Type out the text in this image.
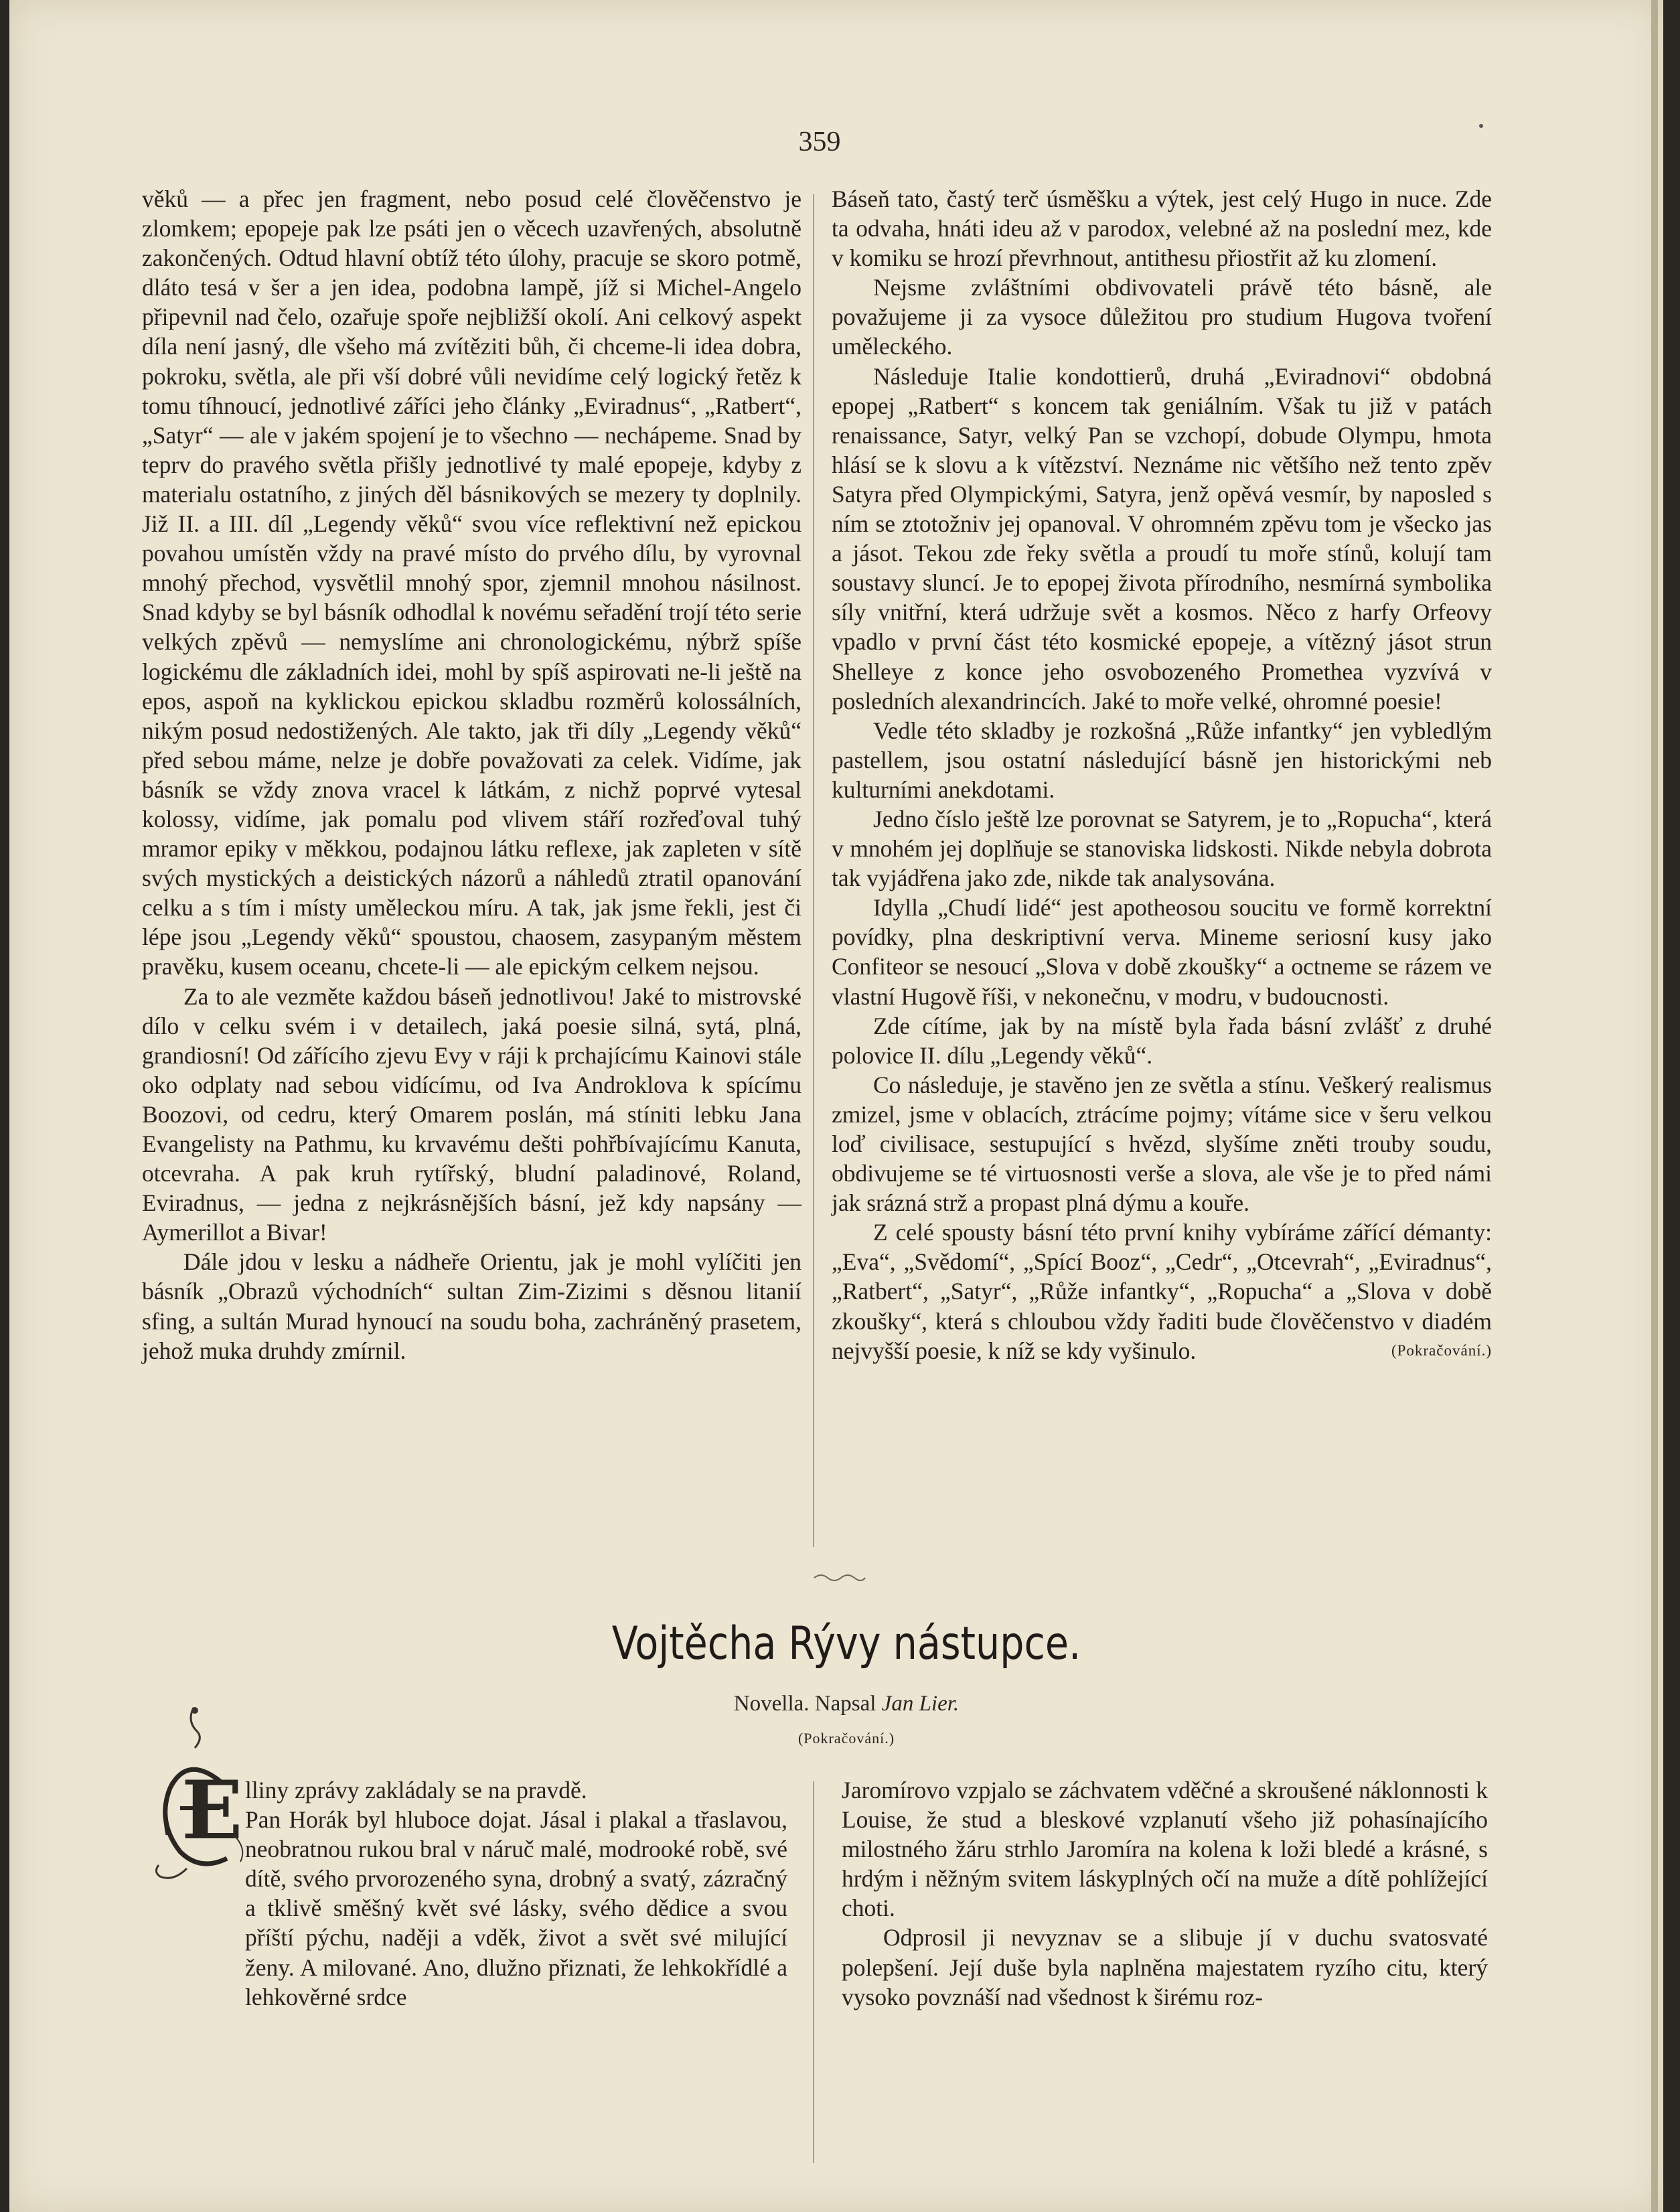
359

věků — a přec jen fragment, nebo posud celé člověčenstvo je zlomkem; epopeje pak lze psáti jen o věcech uzavřených, absolutně zakončených. Odtud hlavní obtíž této úlohy, pracuje se skoro potmě, dláto tesá v šer a jen idea, podobna lampě, jíž si Michel-Angelo připevnil nad čelo, ozařuje spoře nejbližší okolí. Ani celkový aspekt díla není jasný, dle všeho má zvítěziti bůh, či chceme-li idea dobra, pokroku, světla, ale při vší dobré vůli nevidíme celý logický řetěz k tomu tíhnoucí, jednotlivé záříci jeho články „Eviradnus“, „Ratbert“, „Satyr“ — ale v jakém spojení je to všechno — nechápeme. Snad by teprv do pravého světla přišly jednotlivé ty malé epopeje, kdyby z materialu ostatního, z jiných děl básnikových se mezery ty doplnily. Již II. a III. díl „Legendy věků“ svou více reflektivní než epickou povahou umístěn vždy na pravé místo do prvého dílu, by vyrovnal mnohý přechod, vysvětlil mnohý spor, zjemnil mnohou násilnost. Snad kdyby se byl básník odhodlal k novému seřadění trojí této serie velkých zpěvů — nemyslíme ani chronologickému, nýbrž spíše logickému dle základních idei, mohl by spíš aspirovati ne-li ještě na epos, aspoň na kyklickou epickou skladbu rozměrů kolossálních, nikým posud nedostižených. Ale takto, jak tři díly „Legendy věků“ před sebou máme, nelze je dobře považovati za celek. Vidíme, jak básník se vždy znova vracel k látkám, z nichž poprvé vytesal kolossy, vidíme, jak pomalu pod vlivem stáří rozřeďoval tuhý mramor epiky v měkkou, podajnou látku reflexe, jak zapleten v sítě svých mystických a deistických názorů a náhledů ztratil opanování celku a s tím i místy uměleckou míru. A tak, jak jsme řekli, jest či lépe jsou „Legendy věků“ spoustou, chaosem, zasypaným městem pravěku, kusem oceanu, chcete-li — ale epickým celkem nejsou.

Za to ale vezměte každou báseň jednotlivou! Jaké to mistrovské dílo v celku svém i v detailech, jaká poesie silná, sytá, plná, grandiosní! Od zářícího zjevu Evy v ráji k prchajícímu Kainovi stále oko odplaty nad sebou vidícímu, od Iva Androklova k spícímu Boozovi, od cedru, který Omarem poslán, má stíniti lebku Jana Evangelisty na Pathmu, ku krvavému dešti pohřbívajícímu Kanuta, otcevraha. A pak kruh rytířský, bludní paladinové, Roland, Eviradnus, — jedna z nejkrásnějších básní, jež kdy napsány — Aymerillot a Bivar!

Dále jdou v lesku a nádheře Orientu, jak je mohl vylíčiti jen básník „Obrazů východních“ sultan Zim-Zizimi s děsnou litanií sfing, a sultán Murad hynoucí na soudu boha, zachráněný prasetem, jehož muka druhdy zmírnil.

Báseň tato, častý terč úsměšku a výtek, jest celý Hugo in nuce. Zde ta odvaha, hnáti ideu až v parodox, velebné až na poslední mez, kde v komiku se hrozí převrhnout, antithesu přiostřit až ku zlomení.

Nejsme zvláštními obdivovateli právě této básně, ale považujeme ji za vysoce důležitou pro studium Hugova tvoření uměleckého.

Následuje Italie kondottierů, druhá „Eviradnovi“ obdobná epopej „Ratbert“ s koncem tak geniálním. Však tu již v patách renaissance, Satyr, velký Pan se vzchopí, dobude Olympu, hmota hlásí se k slovu a k vítězství. Neznáme nic většího než tento zpěv Satyra před Olympickými, Satyra, jenž opěvá vesmír, by naposled s ním se ztotožniv jej opanoval. V ohromném zpěvu tom je všecko jas a jásot. Tekou zde řeky světla a proudí tu moře stínů, kolují tam soustavy sluncí. Je to epopej života přírodního, nesmírná symbolika síly vnitřní, která udržuje svět a kosmos. Něco z harfy Orfeovy vpadlo v první část této kosmické epopeje, a vítězný jásot strun Shelleye z konce jeho osvobozeného Promethea vyzvívá v posledních alexandrincích. Jaké to moře velké, ohromné poesie!

Vedle této skladby je rozkošná „Růže infantky“ jen vybledlým pastellem, jsou ostatní následující básně jen historickými neb kulturními anekdotami.

Jedno číslo ještě lze porovnat se Satyrem, je to „Ropucha“, která v mnohém jej doplňuje se stanoviska lidskosti. Nikde nebyla dobrota tak vyjádřena jako zde, nikde tak analysována.

Idylla „Chudí lidé“ jest apotheosou soucitu ve formě korrektní povídky, plna deskriptivní verva. Mineme seriosní kusy jako Confiteor se nesoucí „Slova v době zkoušky“ a octneme se rázem ve vlastní Hugově říši, v nekonečnu, v modru, v budoucnosti.

Zde cítíme, jak by na místě byla řada básní zvlášť z druhé polovice II. dílu „Legendy věků“.

Co následuje, je stavěno jen ze světla a stínu. Veškerý realismus zmizel, jsme v oblacích, ztrácíme pojmy; vítáme sice v šeru velkou loď civilisace, sestupující s hvězd, slyšíme zněti trouby soudu, obdivujeme se té virtuosnosti verše a slova, ale vše je to před námi jak srázná strž a propast plná dýmu a kouře.

Z celé spousty básní této první knihy vybíráme zářící démanty: „Eva“, „Svědomí“, „Spící Booz“, „Cedr“, „Otcevrah“, „Eviradnus“, „Ratbert“, „Satyr“, „Růže infantky“, „Ropucha“ a „Slova v době zkoušky“, která s chloubou vždy řaditi bude člověčenstvo v diadém nejvyšší poesie, k níž se kdy vyšinulo.	(Pokračování.)

Vojtěcha Rývy nástupce.
Novella. Napsal Jan Lier.
(Pokračování.)
E lliny zprávy zakládaly se na pravdě.

Pan Horák byl hluboce dojat. Jásal i plakal a třaslavou, neobratnou rukou bral v náruč malé, modrooké robě, své dítě, svého prvorozeného syna, drobný a svatý, zázračný a tklivě směšný květ své lásky, svého dědice a svou příští pýchu, naději a vděk, život a svět své milující ženy. A milované. Ano, dlužno přiznati, že lehkokřídlé a lehkověrné srdce

Jaromírovo vzpjalo se záchvatem vděčné a skroušené náklonnosti k Louise, že stud a bleskové vzplanutí všeho již pohasínajícího milostného žáru strhlo Jaromíra na kolena k loži bledé a krásné, s hrdým i něžným svitem láskyplných očí na muže a dítě pohlížející choti.

Odprosil ji nevyznav se a slibuje jí v duchu svatosvaté polepšení. Její duše byla naplněna majestatem ryzího citu, který vysoko povznáší nad všednost k širému roz-
